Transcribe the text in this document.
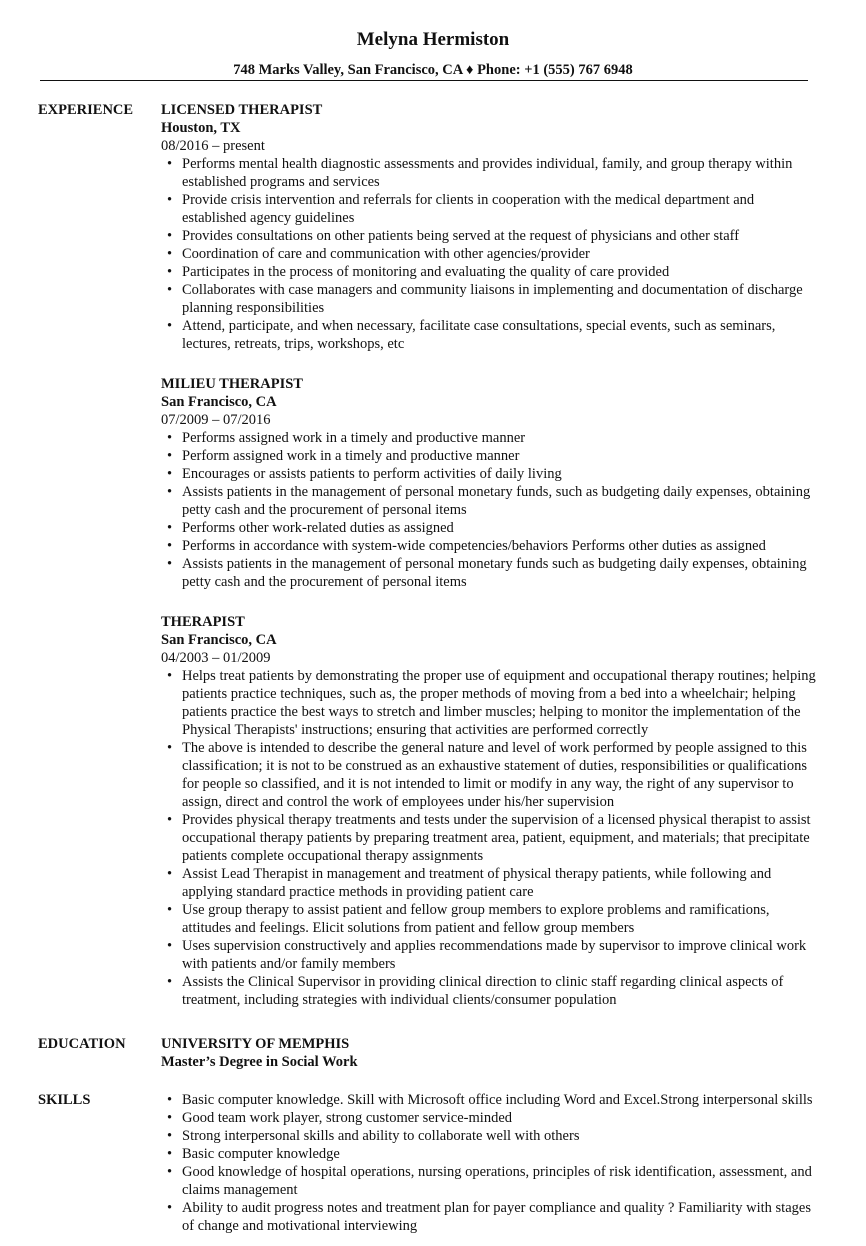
Melyna Hermiston
748 Marks Valley, San Francisco, CA ♦ Phone: +1 (555) 767 6948
EXPERIENCE LICENSED THERAPIST
Houston, TX
08/2016 – present
• Performs mental health diagnostic assessments and provides individual, family, and group therapy within established programs and services
• Provide crisis intervention and referrals for clients in cooperation with the medical department and established agency guidelines
• Provides consultations on other patients being served at the request of physicians and other staff
• Coordination of care and communication with other agencies/provider
• Participates in the process of monitoring and evaluating the quality of care provided
• Collaborates with case managers and community liaisons in implementing and documentation of discharge planning responsibilities
• Attend, participate, and when necessary, facilitate case consultations, special events, such as seminars, lectures, retreats, trips, workshops, etc
MILIEU THERAPIST
San Francisco, CA
07/2009 – 07/2016
• Performs assigned work in a timely and productive manner
• Perform assigned work in a timely and productive manner
• Encourages or assists patients to perform activities of daily living
• Assists patients in the management of personal monetary funds, such as budgeting daily expenses, obtaining petty cash and the procurement of personal items
• Performs other work-related duties as assigned
• Performs in accordance with system-wide competencies/behaviors Performs other duties as assigned
• Assists patients in the management of personal monetary funds such as budgeting daily expenses, obtaining petty cash and the procurement of personal items
THERAPIST
San Francisco, CA
04/2003 – 01/2009
• Helps treat patients by demonstrating the proper use of equipment and occupational therapy routines; helping patients practice techniques, such as, the proper methods of moving from a bed into a wheelchair; helping patients practice the best ways to stretch and limber muscles; helping to monitor the implementation of the Physical Therapists' instructions; ensuring that activities are performed correctly
• The above is intended to describe the general nature and level of work performed by people assigned to this classification; it is not to be construed as an exhaustive statement of duties, responsibilities or qualifications for people so classified, and it is not intended to limit or modify in any way, the right of any supervisor to assign, direct and control the work of employees under his/her supervision
• Provides physical therapy treatments and tests under the supervision of a licensed physical therapist to assist occupational therapy patients by preparing treatment area, patient, equipment, and materials; that precipitate patients complete occupational therapy assignments
• Assist Lead Therapist in management and treatment of physical therapy patients, while following and applying standard practice methods in providing patient care
• Use group therapy to assist patient and fellow group members to explore problems and ramifications, attitudes and feelings. Elicit solutions from patient and fellow group members
• Uses supervision constructively and applies recommendations made by supervisor to improve clinical work with patients and/or family members
• Assists the Clinical Supervisor in providing clinical direction to clinic staff regarding clinical aspects of treatment, including strategies with individual clients/consumer population
EDUCATION UNIVERSITY OF MEMPHIS
Master’s Degree in Social Work
SKILLS
•	Basic computer knowledge. Skill with Microsoft office including Word and Excel.Strong interpersonal skills
• Good team work player, strong customer service-minded
• Strong interpersonal skills and ability to collaborate well with others
• Basic computer knowledge
• Good knowledge of hospital operations, nursing operations, principles of risk identification, assessment, and claims management
• Ability to audit progress notes and treatment plan for payer compliance and quality ? Familiarity with stages of change and motivational interviewing
